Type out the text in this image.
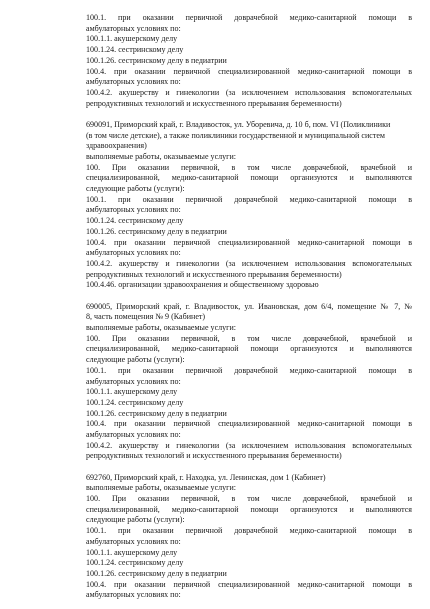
100.1. при оказании первичной доврачебной медико-санитарной помощи в
амбулаторных условиях по:
100.1.1. акушерскому делу
100.1.24. сестринскому делу
100.1.26. сестринскому делу в педиатрии
100.4. при оказании первичной специализированной медико-санитарной помощи в
амбулаторных условиях по:
100.4.2. акушерству и гинекологии (за исключением использования вспомогательных
репродуктивных технологий и искусственного прерывания беременности)
690091, Приморский край, г. Владивосток, ул. Уборевича, д. 10 б, пом. VI (Поликлиники
(в том числе детские), а также поликлиники государственной и муниципальной систем
здравоохранения)
выполняемые работы, оказываемые услуги:
100. При оказании первичной, в том числе доврачебной, врачебной и
специализированной, медико-санитарной помощи организуются и выполняются
следующие работы (услуги):
100.1. при оказании первичной доврачебной медико-санитарной помощи в
амбулаторных условиях по:
100.1.24. сестринскому делу
100.1.26. сестринскому делу в педиатрии
100.4. при оказании первичной специализированной медико-санитарной помощи в
амбулаторных условиях по:
100.4.2. акушерству и гинекологии (за исключением использования вспомогательных
репродуктивных технологий и искусственного прерывания беременности)
100.4.46. организации здравоохранения и общественному здоровью
690005, Приморский край, г. Владивосток, ул. Ивановская, дом 6/4, помещение № 7, №
8, часть помещения № 9 (Кабинет)
выполняемые работы, оказываемые услуги:
100. При оказании первичной, в том числе доврачебной, врачебной и
специализированной, медико-санитарной помощи организуются и выполняются
следующие работы (услуги):
100.1. при оказании первичной доврачебной медико-санитарной помощи в
амбулаторных условиях по:
100.1.1. акушерскому делу
100.1.24. сестринскому делу
100.1.26. сестринскому делу в педиатрии
100.4. при оказании первичной специализированной медико-санитарной помощи в
амбулаторных условиях по:
100.4.2. акушерству и гинекологии (за исключением использования вспомогательных
репродуктивных технологий и искусственного прерывания беременности)
692760, Приморский край, г. Находка, ул. Ленинская, дом 1 (Кабинет)
выполняемые работы, оказываемые услуги:
100. При оказании первичной, в том числе доврачебной, врачебной и
специализированной, медико-санитарной помощи организуются и выполняются
следующие работы (услуги):
100.1. при оказании первичной доврачебной медико-санитарной помощи в
амбулаторных условиях по:
100.1.1. акушерскому делу
100.1.24. сестринскому делу
100.1.26. сестринскому делу в педиатрии
100.4. при оказании первичной специализированной медико-санитарной помощи в
амбулаторных условиях по:
